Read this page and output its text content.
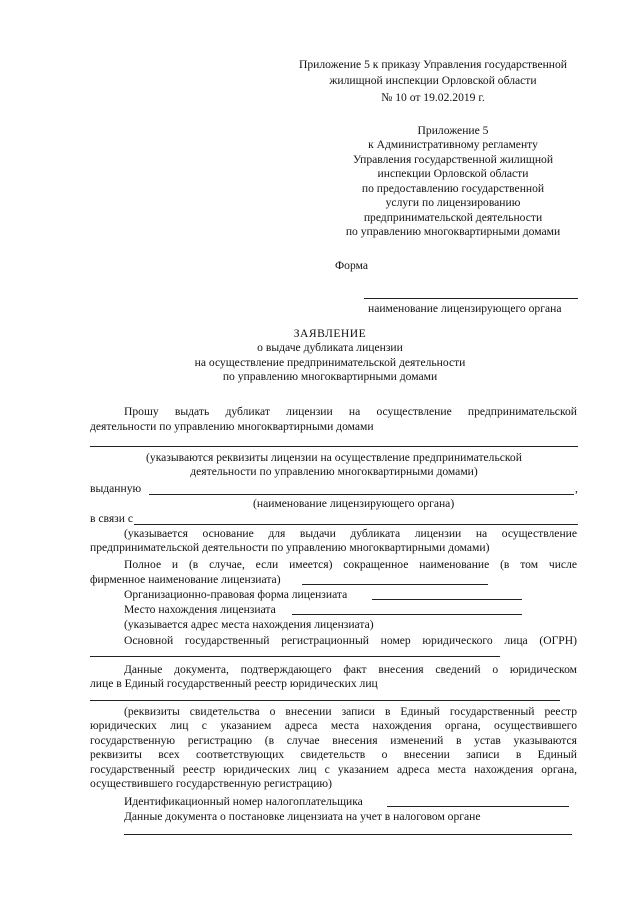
Приложение 5 к приказу Управления государственной
жилищной инспекции Орловской области
№ 10 от 19.02.2019 г.
Приложение 5
к Административному регламенту
Управления государственной жилищной
инспекции Орловской области
по предоставлению государственной
услуги по лицензированию
предпринимательской деятельности
по управлению многоквартирными домами
Форма
наименование лицензирующего органа
ЗАЯВЛЕНИЕ
о выдаче дубликата лицензии
на осуществление предпринимательской деятельности
по управлению многоквартирными домами
Прошу выдать дубликат лицензии на осуществление предпринимательской
деятельности по управлению многоквартирными домами
(указываются реквизиты лицензии на осуществление предпринимательской
деятельности по управлению многоквартирными домами)
выданную	,
(наименование лицензирующего органа)
в связи с
(указывается основание для выдачи дубликата лицензии на осуществление
предпринимательской деятельности по управлению многоквартирными домами)
Полное и (в случае, если имеется) сокращенное наименование (в том числе
фирменное наименование лицензиата)
Организационно-правовая форма лицензиата
Место нахождения лицензиата
(указывается адрес места нахождения лицензиата)
Основной государственный регистрационный номер юридического лица (ОГРН)
Данные документа, подтверждающего факт внесения сведений о юридическом
лице в Единый государственный реестр юридических лиц
(реквизиты свидетельства о внесении записи в Единый государственный реестр
юридических лиц с указанием адреса места нахождения органа, осуществившего
государственную регистрацию (в случае внесения изменений в устав указываются
реквизиты всех соответствующих свидетельств о внесении записи в Единый
государственный реестр юридических лиц с указанием адреса места нахождения органа,
осуществившего государственную регистрацию)
Идентификационный номер налогоплательщика
Данные документа о постановке лицензиата на учет в налоговом органе
